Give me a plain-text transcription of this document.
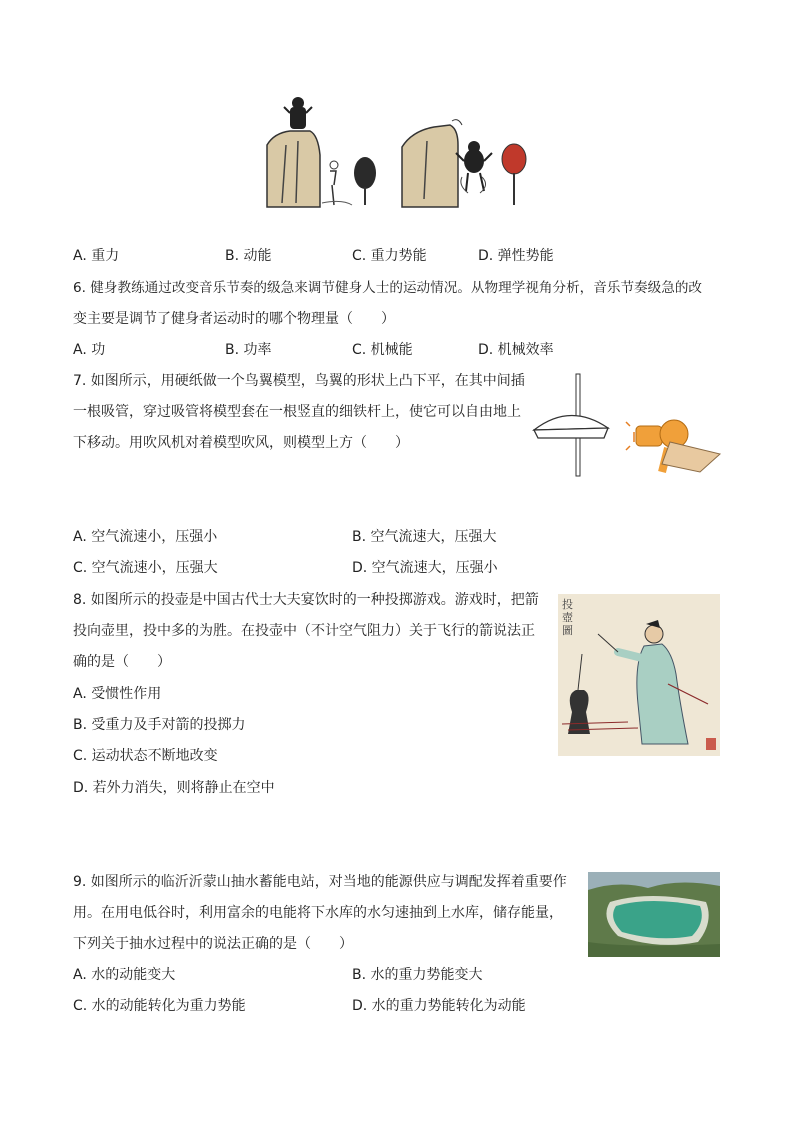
A. 重力	B. 动能	C. 重力势能	D. 弹性势能
6. 健身教练通过改变音乐节奏的级急来调节健身人士的运动情况。从物理学视角分析，音乐节奏级急的改
变主要是调节了健身者运动时的哪个物理量（　　）
A. 功	B. 功率	C. 机械能	D. 机械效率
7. 如图所示，用硬纸做一个鸟翼模型，鸟翼的形状上凸下平，在其中间插
一根吸管，穿过吸管将模型套在一根竖直的细铁杆上，使它可以自由地上
下移动。用吹风机对着模型吹风，则模型上方（　　）
A. 空气流速小，压强小	B. 空气流速大，压强大
C. 空气流速小，压强大	D. 空气流速大，压强小
8. 如图所示的投壶是中国古代士大夫宴饮时的一种投掷游戏。游戏时，把箭
投向壶里，投中多的为胜。在投壶中（不计空气阻力）关于飞行的箭说法正
确的是（　　）
A. 受惯性作用
B. 受重力及手对箭的投掷力
C. 运动状态不断地改变
D. 若外力消失，则将静止在空中
投壺圖
9. 如图所示的临沂沂蒙山抽水蓄能电站，对当地的能源供应与调配发挥着重要作
用。在用电低谷时，利用富余的电能将下水库的水匀速抽到上水库，储存能量，
下列关于抽水过程中的说法正确的是（　　）
A. 水的动能变大	B. 水的重力势能变大
C. 水的动能转化为重力势能	D. 水的重力势能转化为动能
